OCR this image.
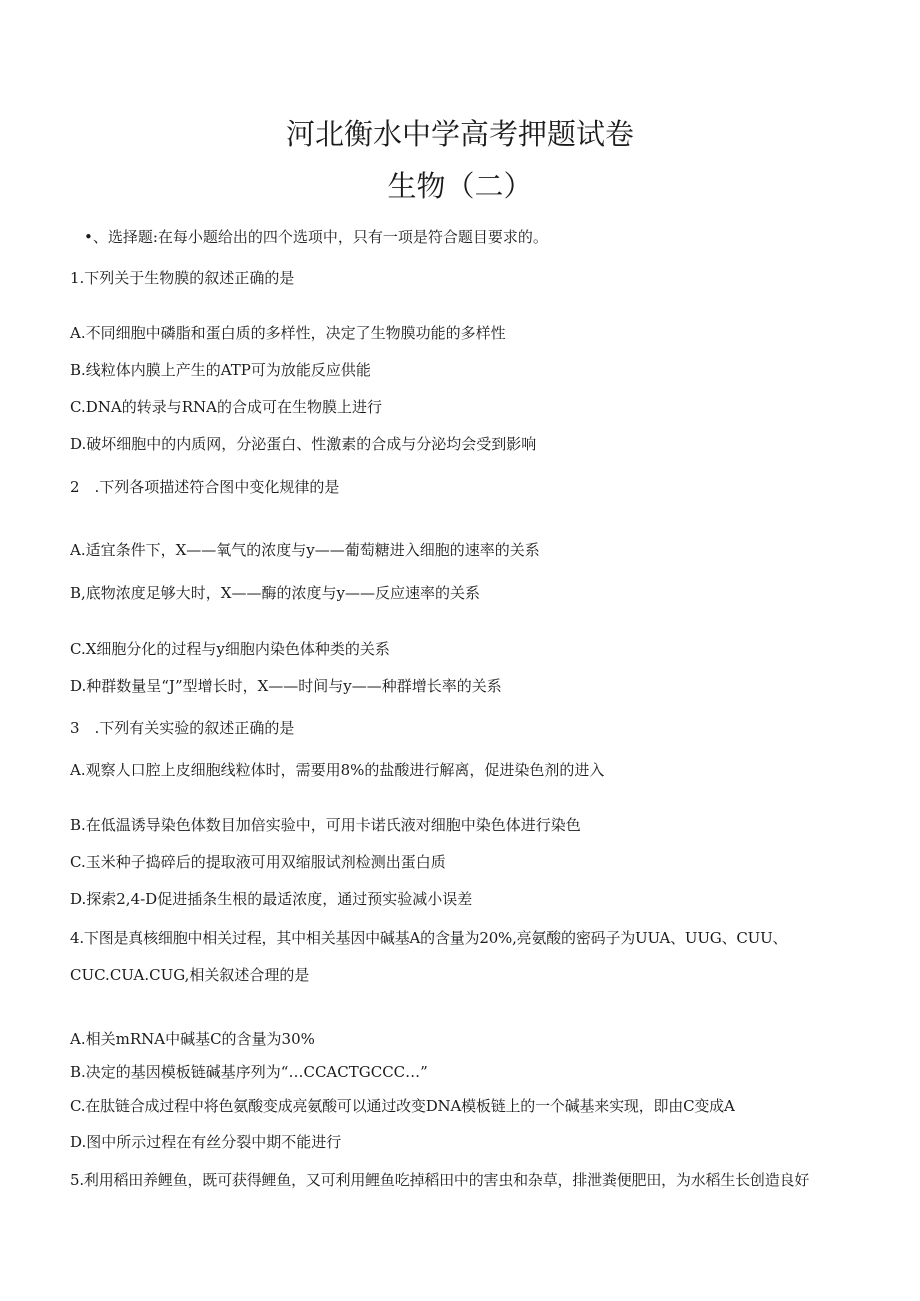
河北衡水中学高考押题试卷
生物（二）
•、选择题:在每小题给出的四个选项中，只有一项是符合题目要求的。
1.下列关于生物膜的叙述正确的是
A.不同细胞中磷脂和蛋白质的多样性，决定了生物膜功能的多样性
B.线粒体内膜上产生的ATP可为放能反应供能
C.DNA的转录与RNA的合成可在生物膜上进行
D.破坏细胞中的内质网，分泌蛋白、性激素的合成与分泌均会受到影响
2　.下列各项描述符合图中变化规律的是
A.适宜条件下，X——氧气的浓度与y——葡萄糖进入细胞的速率的关系
B,底物浓度足够大时，X——酶的浓度与y——反应速率的关系
C.X细胞分化的过程与y细胞内染色体种类的关系
D.种群数量呈“J”型增长时，X——时间与y——种群增长率的关系
3　.下列有关实验的叙述正确的是
A.观察人口腔上皮细胞线粒体时，需要用8%的盐酸进行解离，促进染色剂的进入
B.在低温诱导染色体数目加倍实验中，可用卡诺氏液对细胞中染色体进行染色
C.玉米种子捣碎后的提取液可用双缩服试剂检测出蛋白质
D.探索2,4-D促进插条生根的最适浓度，通过预实验减小误差
4.下图是真核细胞中相关过程，其中相关基因中碱基A的含量为20%,亮氨酸的密码子为UUA、UUG、CUU、
CUC.CUA.CUG,相关叙述合理的是
A.相关mRNA中碱基C的含量为30%
B.决定的基因模板链碱基序列为“…CCACTGCCC…”
C.在肽链合成过程中将色氨酸变成亮氨酸可以通过改变DNA模板链上的一个碱基来实现，即由C变成A
D.图中所示过程在有丝分裂中期不能进行
5.利用稻田养鲤鱼，既可获得鲤鱼，又可利用鲤鱼吃掉稻田中的害虫和杂草，排泄粪便肥田，为水稻生长创造良好
